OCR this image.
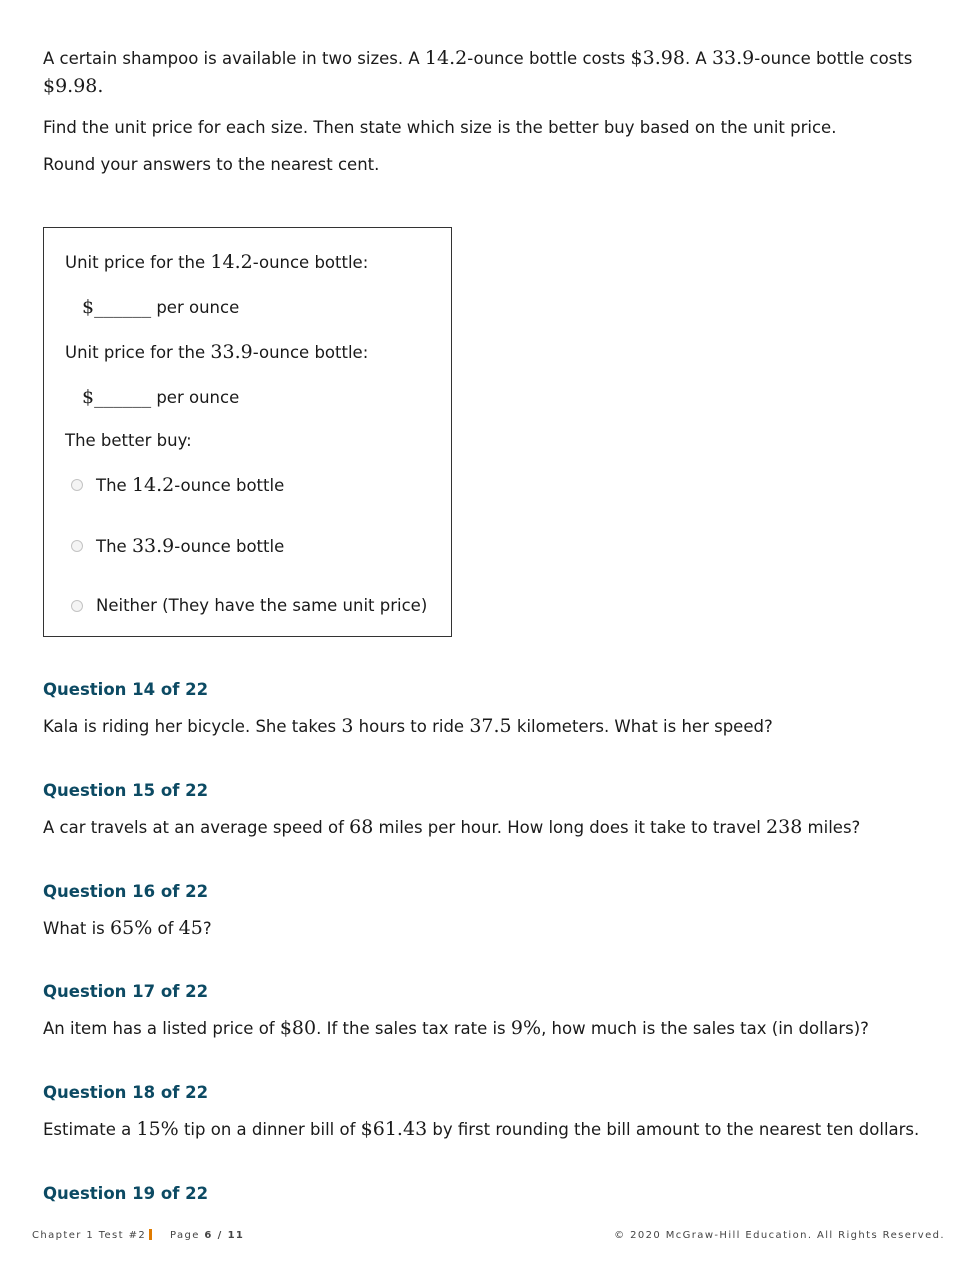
A certain shampoo is available in two sizes. A 14.2-ounce bottle costs $3.98. A 33.9-ounce bottle costs

$9.98.

Find the unit price for each size. Then state which size is the better buy based on the unit price.

Round your answers to the nearest cent.

Unit price for the 14.2-ounce bottle:

$______ per ounce

Unit price for the 33.9-ounce bottle:

$______ per ounce

The better buy:

The 14.2-ounce bottle
The 33.9-ounce bottle
Neither (They have the same unit price)

Question 14 of 22

Kala is riding her bicycle. She takes 3 hours to ride 37.5 kilometers. What is her speed?

Question 15 of 22

A car travels at an average speed of 68 miles per hour. How long does it take to travel 238 miles?

Question 16 of 22

What is 65% of 45?

Question 17 of 22

An item has a listed price of $80. If the sales tax rate is 9%, how much is the sales tax (in dollars)?

Question 18 of 22

Estimate a 15% tip on a dinner bill of $61.43 by first rounding the bill amount to the nearest ten dollars.

Question 19 of 22

Chapter 1 Test #2 Page 6 / 11	© 2020 McGraw-Hill Education. All Rights Reserved.
